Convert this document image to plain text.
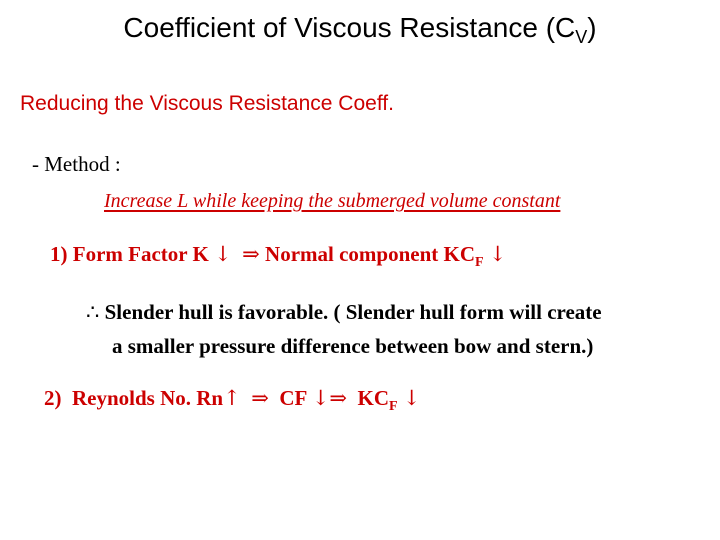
Coefficient of Viscous Resistance $(C_V)$
Reducing the Viscous Resistance Coeff.
- Method :
Increase L while keeping the submerged volume constant
1) Form Factor K ↓ ⇒ Normal component $KC_F$ ↓
∴ Slender hull is favorable. ( Slender hull form will create
a smaller pressure difference between bow and stern.)
2) Reynolds No. Rn↑ ⇒ CF ↓⇒ $KC_F$ ↓
